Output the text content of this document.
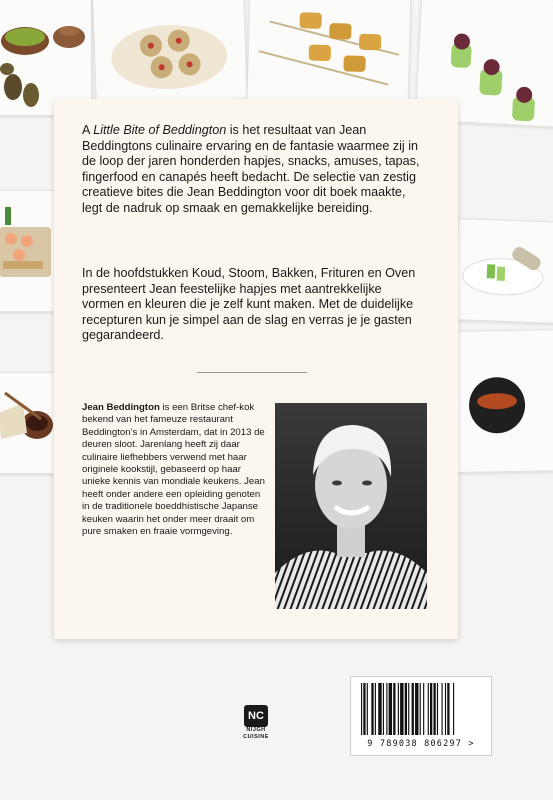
A Little Bite of Beddington is het resultaat van Jean Beddingtons culinaire ervaring en de fantasie waarmee zij in de loop der jaren honderden hapjes, snacks, amuses, tapas, fingerfood en canapés heeft bedacht. De selectie van zestig creatieve bites die Jean Beddington voor dit boek maakte, legt de nadruk op smaak en gemakkelijke bereiding.

In de hoofdstukken Koud, Stoom, Bakken, Frituren en Oven presenteert Jean feestelijke hapjes met aantrekkelijke vormen en kleuren die je zelf kunt maken. Met de duidelijke recepturen kun je simpel aan de slag en verras je je gasten gegarandeerd.

Jean Beddington is een Britse chef-kok bekend van het fameuze restaurant Beddington’s in Amsterdam, dat in 2013 de deuren sloot. Jarenlang heeft zij daar culinaire liefhebbers verwend met haar originele kookstijl, gebaseerd op haar unieke kennis van mondiale keukens. Jean heeft onder andere een opleiding genoten in de traditionele boeddhistische Japanse keuken waarin het onder meer draait om pure smaken en fraaie vormgeving.
NC
NIJGH
CUISINE
9 789038 806297 >
